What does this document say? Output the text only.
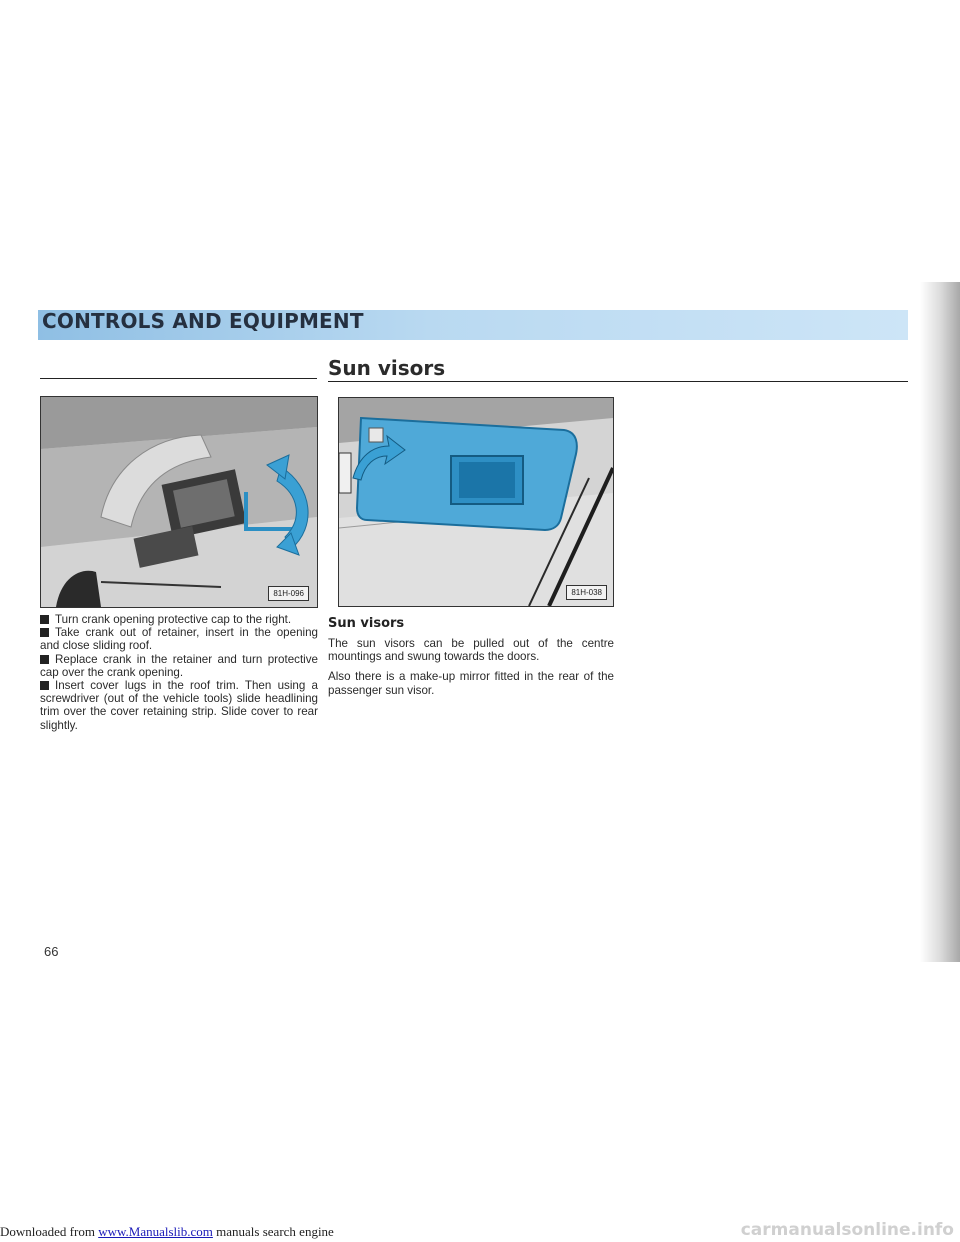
CONTROLS AND EQUIPMENT
Sun visors
81H-096	81H-038

Turn crank opening protective cap to the right.

Take crank out of retainer, insert in the opening and close sliding roof.

Replace crank in the retainer and turn protective cap over the crank opening.

Insert cover lugs in the roof trim. Then using a screwdriver (out of the vehicle tools) slide headlining trim over the cover retaining strip. Slide cover to rear slightly.

Sun visors

The sun visors can be pulled out of the centre mountings and swung towards the doors.

Also there is a make-up mirror fitted in the rear of the passenger sun visor.

66
Downloaded from www.Manualslib.com manuals search engine	carmanualsonline.info
